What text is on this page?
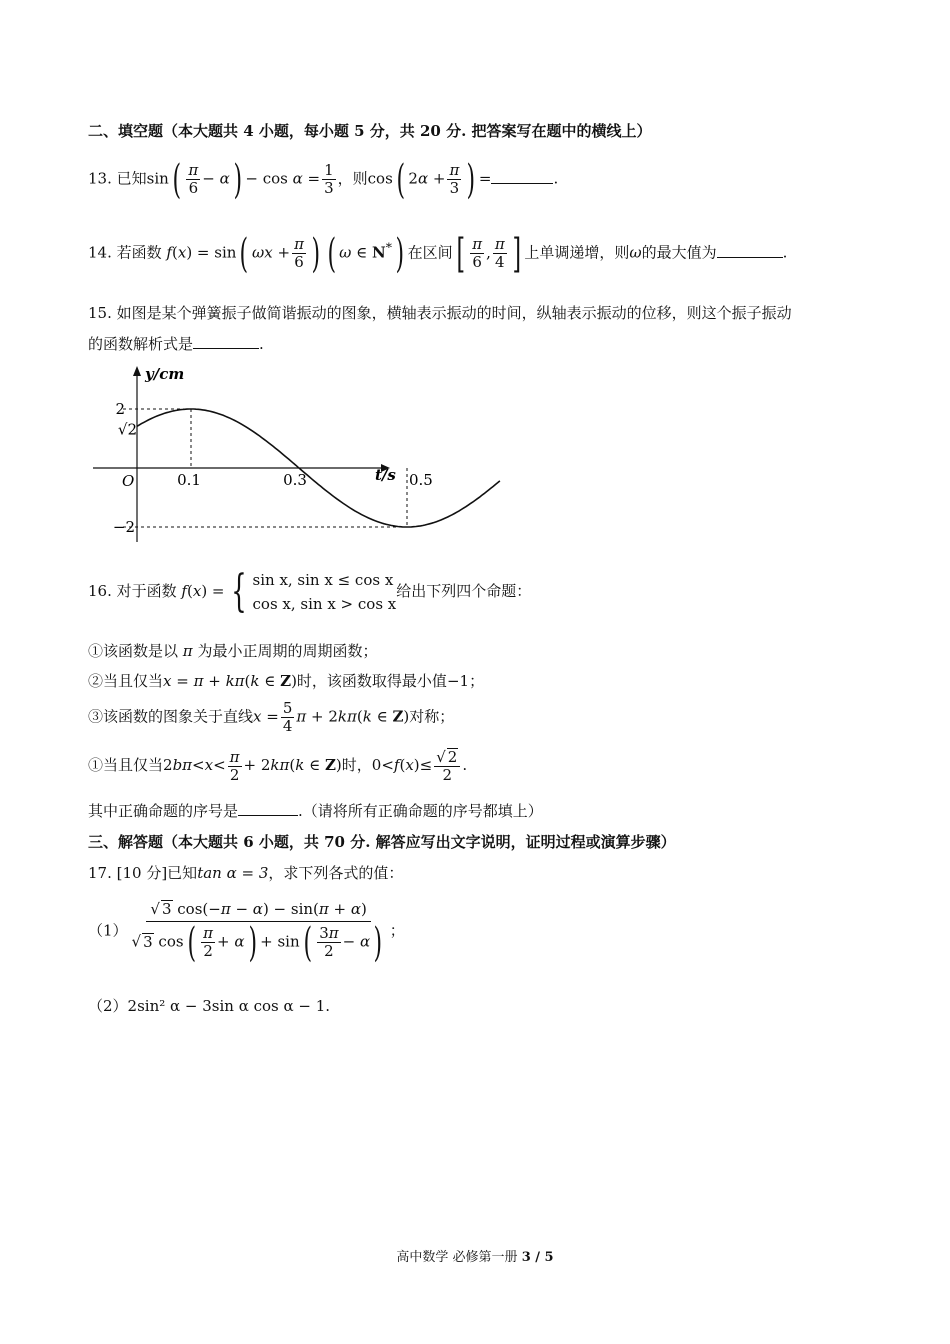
二、填空题（本大题共 4 小题，每小题 5 分，共 20 分. 把答案写在题中的横线上）
13. 已知$\sin( \frac{\pi}{6} - \alpha) - \cos \alpha = \frac{1}{3}$ ，则cos( $2\alpha + \frac{\pi}{3}$ ) =	.
14. 若函数 f(x) = sin( $\omega x + \frac{\pi}{6}$ ) ( ω ∈ N*) 在区间[ $\frac{\pi}{6}$ , $\frac{\pi}{4}$ ] 上单调递增，则ω的最大值为	.
15. 如图是某个弹簧振子做简谐振动的图象，横轴表示振动的时间，纵轴表示振动的位移，则这个振子振动
的函数解析式是	.
y/cm
t/s
O
2
√2
−2
0.1	0.3	0.5
16. 对于函数 f(x) = { sin x, sin x ≤ cos x
cos x, sin x > cos x
给出下列四个命题：
①该函数是以 π 为最小正周期的周期函数；
②当且仅当x = π + kπ(k ∈ Z)时，该函数取得最小值−1；
③该函数的图象关于直线$x = \frac{5}{4}$ π + 2kπ(k ∈ Z)对称；
①当且仅当$2b\pi<x< \frac{\pi}{2} + 2k\pi(k$ ∈ Z)时，$0<f(x)\le \frac{√ 2}{2}$ .
其中正确命题的序号是	.（请将所有正确命题的序号都填上）
三、解答题（本大题共 6 小题，共 70 分. 解答应写出文字说明，证明过程或演算步骤）
17. [10 分]已知tan α = 3，求下列各式的值：
$(1) \frac{√ 3 \cos(-\pi - \alpha) - \sin(\pi + \alpha)}{√ 3 \cos( \frac{\pi}{2} + \alpha) + \sin( \frac{3\pi}{2} - \alpha)}$ ；
（2）2sin² α − 3sin α cos α − 1.
高中数学 必修第一册 3 / 5
